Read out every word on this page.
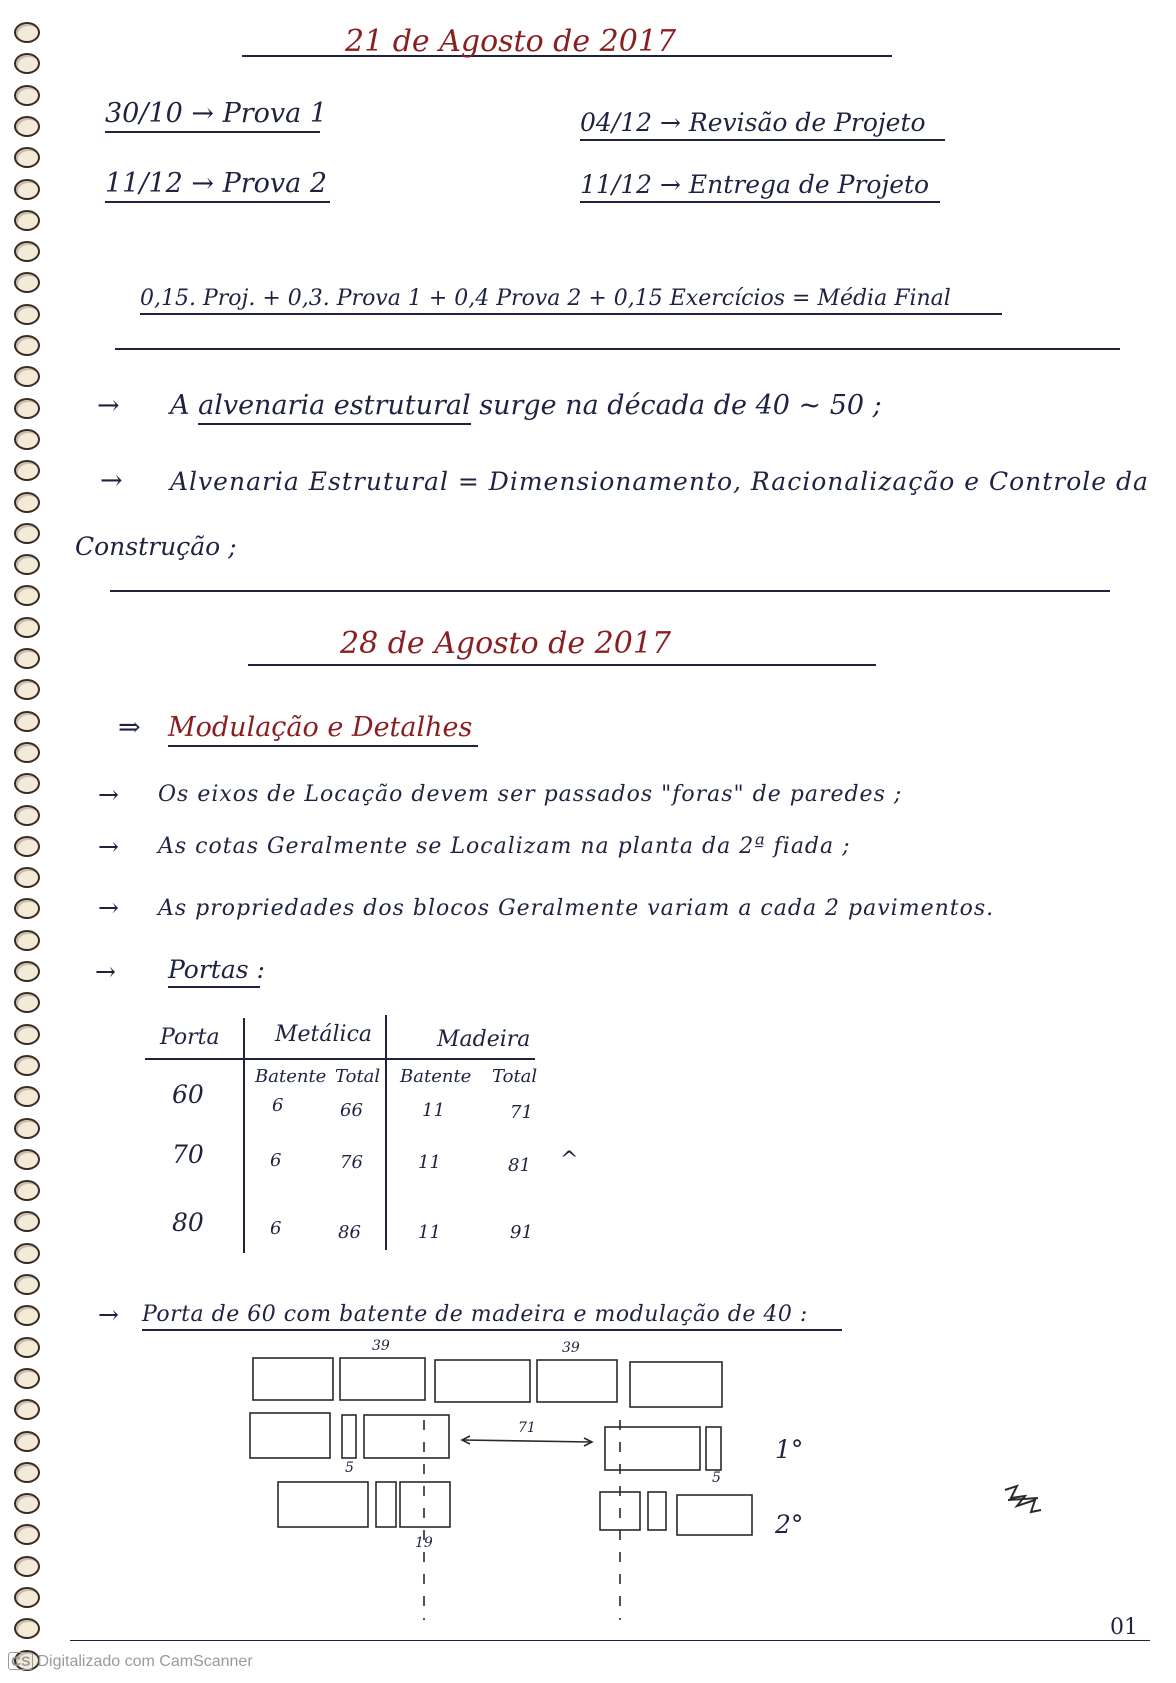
21 de Agosto de 2017
30/10 → Prova 1
11/12 → Prova 2
04/12 → Revisão de Projeto
11/12 → Entrega de Projeto
0,15. Proj. + 0,3. Prova 1 + 0,4 Prova 2 + 0,15 Exercícios = Média Final
→ A alvenaria estrutural surge na década de 40 ~ 50 ;
→ Alvenaria Estrutural = Dimensionamento, Racionalização e Controle da
Construção ;
28 de Agosto de 2017
⇒ Modulação e Detalhes
→ Os eixos de Locação devem ser passados "foras" de paredes ;
→ As cotas Geralmente se Localizam na planta da 2ª fiada ;
→ As propriedades dos blocos Geralmente variam a cada 2 pavimentos.
→ Portas :
Porta	Metálica	Madeira
Batente Total Batente Total
60	6	66	11	71
70	6	76	11	81
80	6	86	11	91
^
→ Porta de 60 com batente de madeira e modulação de 40 :
39	39
71
5
5
19
1°
2°
01
CS Digitalizado com CamScanner
